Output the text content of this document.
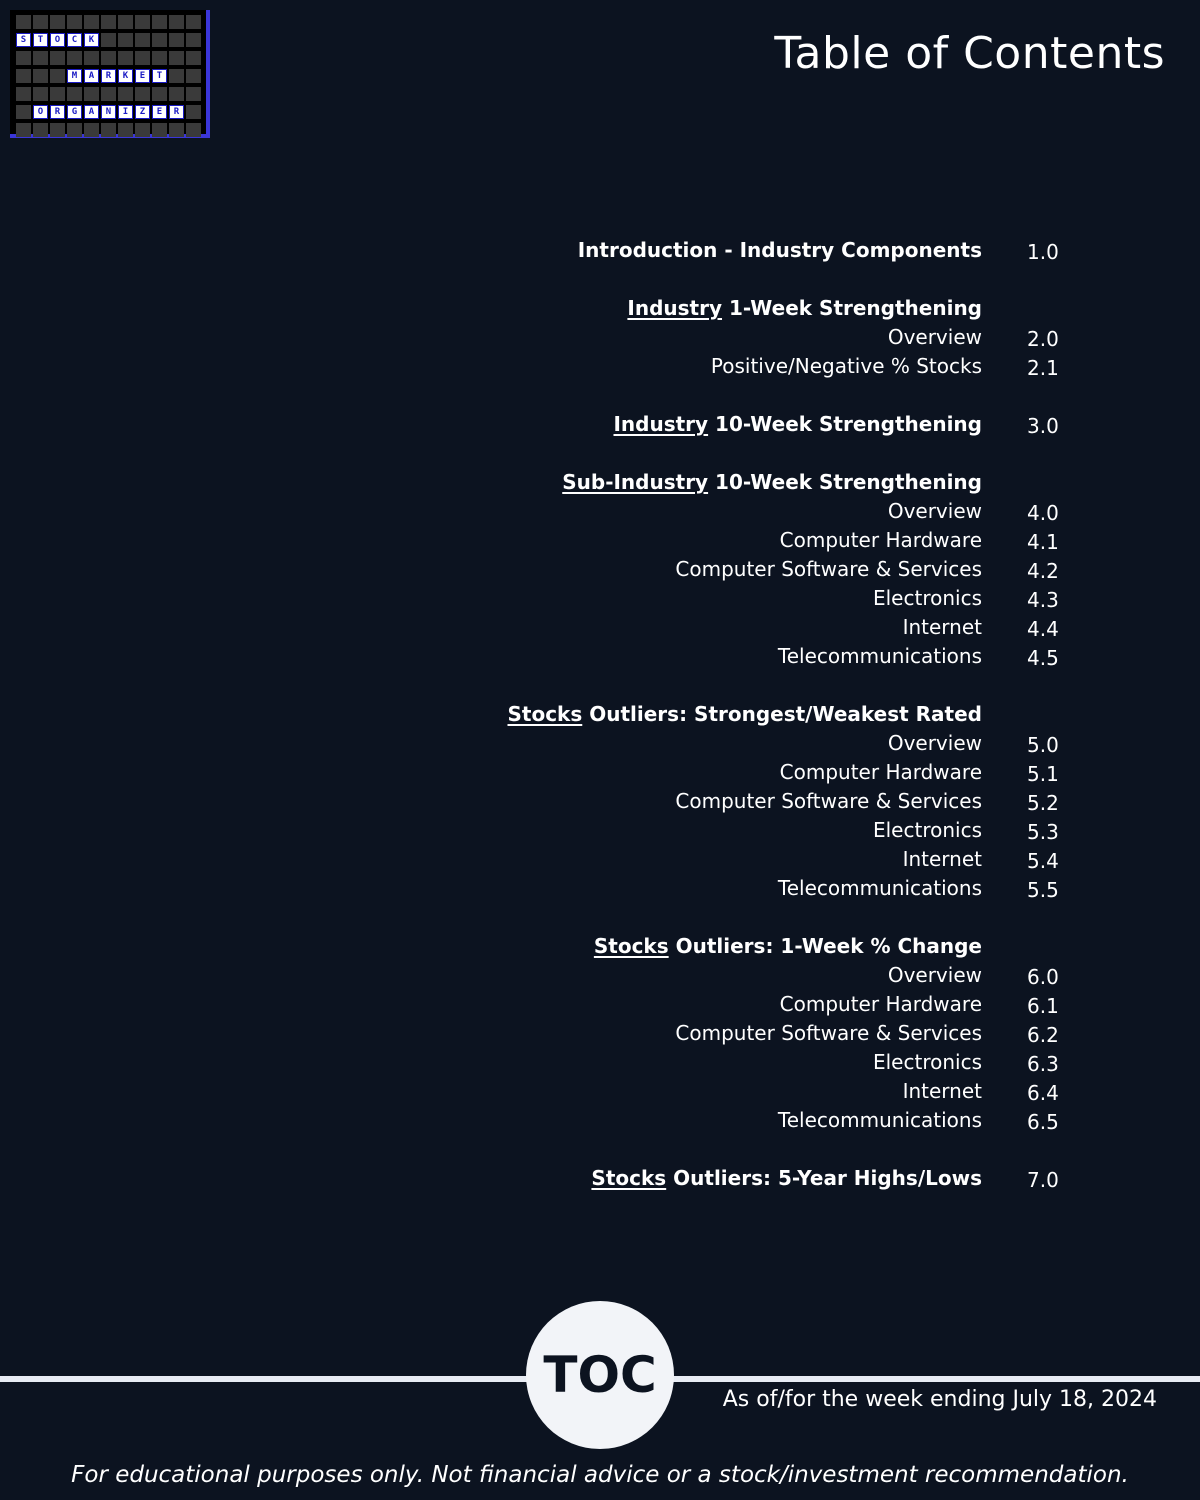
S	T	O	C	K
M	A	R	K	E	T
O	R	G	A	N	I	Z	E	R
Table of Contents
Introduction - Industry Components 1.0
Industry 1-Week Strengthening
Overview 2.0
Positive/Negative % Stocks 2.1
Industry 10-Week Strengthening 3.0
Sub-Industry 10-Week Strengthening
Overview 4.0
Computer Hardware 4.1
Computer Software & Services 4.2
Electronics 4.3
Internet 4.4
Telecommunications 4.5
Stocks Outliers: Strongest/Weakest Rated
Overview 5.0
Computer Hardware 5.1
Computer Software & Services 5.2
Electronics 5.3
Internet 5.4
Telecommunications 5.5
Stocks Outliers: 1-Week % Change
Overview 6.0
Computer Hardware 6.1
Computer Software & Services 6.2
Electronics 6.3
Internet 6.4
Telecommunications 6.5
Stocks Outliers: 5-Year Highs/Lows 7.0
TOC	As of/for the week ending July 18, 2024
For educational purposes only. Not financial advice or a stock/investment recommendation.
